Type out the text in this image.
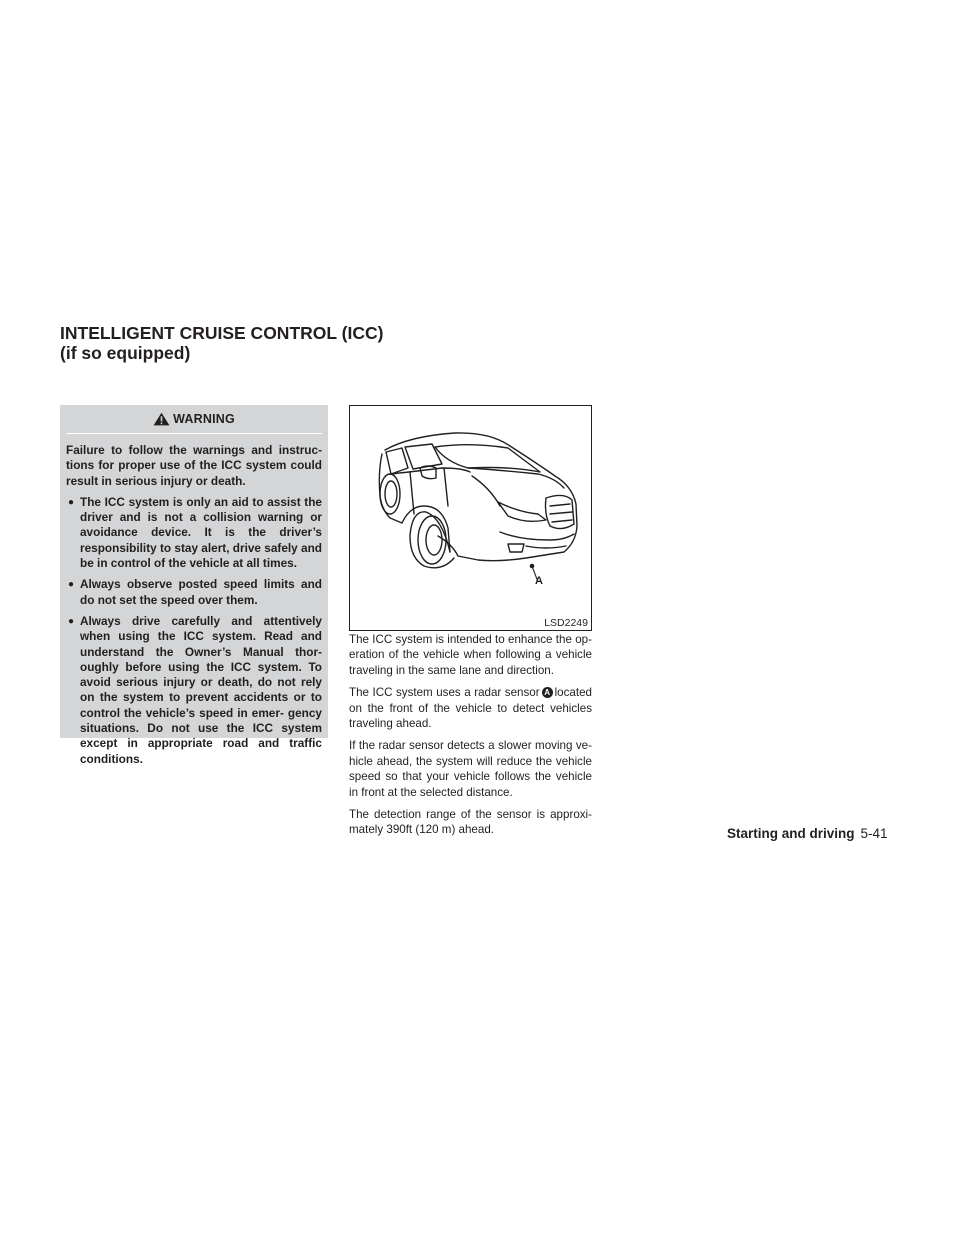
INTELLIGENT CRUISE CONTROL (ICC)
(if so equipped)
WARNING

Failure to follow the warnings and instruc- tions for proper use of the ICC system could result in serious injury or death.

● The ICC system is only an aid to assist the driver and is not a collision warning or avoidance device. It is the driver’s responsibility to stay alert, drive safely and be in control of the vehicle at all times.
● Always observe posted speed limits and do not set the speed over them.
● Always drive carefully and attentively when using the ICC system. Read and understand the Owner’s Manual thor- oughly before using the ICC system. To avoid serious injury or death, do not rely on the system to prevent accidents or to control the vehicle’s speed in emer- gency situations. Do not use the ICC system except in appropriate road and traffic conditions.
A
LSD2249

The ICC system is intended to enhance the op- eration of the vehicle when following a vehicle traveling in the same lane and direction.

The ICC system uses a radar sensor A located on the front of the vehicle to detect vehicles traveling ahead.

If the radar sensor detects a slower moving ve- hicle ahead, the system will reduce the vehicle speed so that your vehicle follows the vehicle in front at the selected distance.

The detection range of the sensor is approxi- mately 390ft (120 m) ahead.	Starting and driving 5-41
